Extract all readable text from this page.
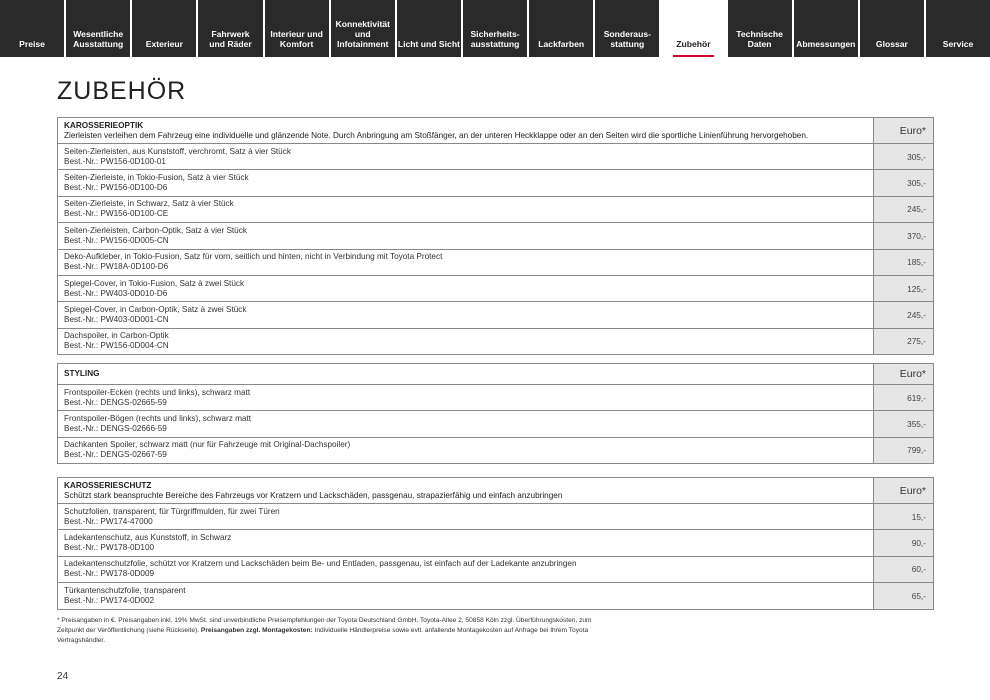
Preise
Wesentliche
Ausstattung	Exterieur
Fahrwerk
und Räder
Interieur und
Komfort
Konnektivität
und
Infotainment Licht und Sicht
Sicherheits-
ausstattung Lackfarben
Sonderaus-
stattung	Zubehör
Technische
Daten	Abmessungen Glossar	Service
ZUBEHÖR
KAROSSERIEOPTIK
Zierleisten verleihen dem Fahrzeug eine individuelle und glänzende Note. Durch Anbringung am Stoßfänger, an der unteren Heckklappe oder an den Seiten wird die sportliche Linienführung hervorgehoben.	Euro*
Seiten-Zierleisten, aus Kunststoff, verchromt, Satz à vier Stück
Best.-Nr.: PW156-0D100-01	305,-
Seiten-Zierleiste, in Tokio-Fusion, Satz à vier Stück
Best.-Nr.: PW156-0D100-D6	305,-
Seiten-Zierleiste, in Schwarz, Satz à vier Stück
Best.-Nr.: PW156-0D100-CE	245,-
Seiten-Zierleisten, Carbon-Optik, Satz à vier Stück
Best.-Nr.: PW156-0D005-CN	370,-
Deko-Aufkleber, in Tokio-Fusion, Satz für vorn, seitlich und hinten, nicht in Verbindung mit Toyota Protect
Best.-Nr.: PW18A-0D100-D6	185,-
Spiegel-Cover, in Tokio-Fusion, Satz à zwei Stück
Best.-Nr.: PW403-0D010-D6	125,-
Spiegel-Cover, in Carbon-Optik, Satz à zwei Stück
Best.-Nr.: PW403-0D001-CN	245,-
Dachspoiler, in Carbon-Optik
Best.-Nr.: PW156-0D004-CN	275,-
STYLING	Euro*
Frontspoiler-Ecken (rechts und links), schwarz matt
Best.-Nr.: DENGS-02665-59	619,-
Frontspoiler-Bögen (rechts und links), schwarz matt
Best.-Nr.: DENGS-02666-59	355,-
Dachkanten Spoiler, schwarz matt (nur für Fahrzeuge mit Original-Dachspoiler)
Best.-Nr.: DENGS-02667-59	799,-
KAROSSERIESCHUTZ
Schützt stark beanspruchte Bereiche des Fahrzeugs vor Kratzern und Lackschäden, passgenau, strapazierfähig und einfach anzubringen	Euro*
Schutzfolien, transparent, für Türgriffmulden, für zwei Türen
Best.-Nr.: PW174-47000	15,-
Ladekantenschutz, aus Kunststoff, in Schwarz
Best.-Nr.: PW178-0D100	90,-
Ladekantenschutzfolie, schützt vor Kratzern und Lackschäden beim Be- und Entladen, passgenau, ist einfach auf der Ladekante anzubringen
Best.-Nr.: PW178-0D009	60,-
Türkantenschutzfolie, transparent
Best.-Nr.: PW174-0D002	65,-
* Preisangaben in €. Preisangaben inkl. 19% MwSt. sind unverbindliche Preisempfehlungen der Toyota Deutschland GmbH, Toyota-Allee 2, 50858 Köln zzgl. Überführungskosten, zum Zeitpunkt der Veröffentlichung (siehe Rückseite). Preisangaben zzgl. Montagekosten: Individuelle Händlerpreise sowie evtl. anfallende Montagekosten auf Anfrage bei Ihrem Toyota Vertragshändler.
24
